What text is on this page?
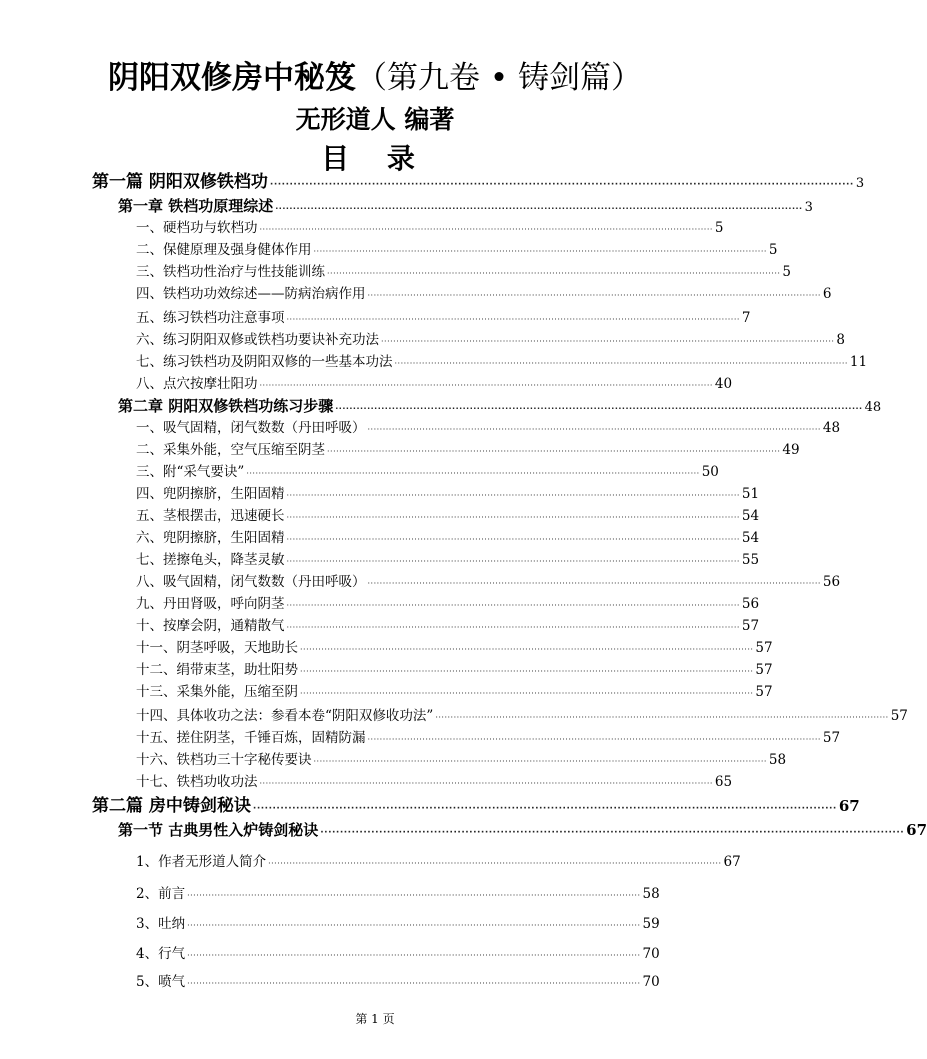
阴阳双修房中秘笈（第九卷 • 铸剑篇）
无形道人 编著
目 录
第一篇 阴阳双修铁档功 ····················································································································································· 3
第一章 铁档功原理综述 ····················································································································································· 3
一、硬档功与软档功 ····················································································································································· 5
二、保健原理及强身健体作用 ····················································································································································· 5
三、铁档功性治疗与性技能训练 ····················································································································································· 5
四、铁档功功效综述——防病治病作用 ····················································································································································· 6
五、练习铁档功注意事项 ····················································································································································· 7
六、练习阴阳双修或铁档功要诀补充功法 ····················································································································································· 8
七、练习铁档功及阴阳双修的一些基本功法 ····················································································································································· 11
八、点穴按摩壮阳功 ····················································································································································· 40
第二章 阴阳双修铁档功练习步骤 ····················································································································································· 48
一、吸气固精，闭气数数（丹田呼吸） ····················································································································································· 48
二、采集外能，空气压缩至阴茎 ····················································································································································· 49
三、附“采气要诀” ····················································································································································· 50
四、兜阴擦脐，生阳固精 ····················································································································································· 51
五、茎根摆击，迅速硬长 ····················································································································································· 54
六、兜阴擦脐，生阳固精 ····················································································································································· 54
七、搓擦龟头，降茎灵敏 ····················································································································································· 55
八、吸气固精，闭气数数（丹田呼吸） ····················································································································································· 56
九、丹田肾吸，呼向阴茎 ····················································································································································· 56
十、按摩会阴，通精散气 ····················································································································································· 57
十一、阴茎呼吸，天地助长 ····················································································································································· 57
十二、绢带束茎，助壮阳势 ····················································································································································· 57
十三、采集外能，压缩至阴 ····················································································································································· 57
十四、具体收功之法：参看本卷“阴阳双修收功法” ····················································································································································· 57
十五、搓住阴茎，千锤百炼，固精防漏 ····················································································································································· 57
十六、铁档功三十字秘传要诀 ····················································································································································· 58
十七、铁档功收功法 ····················································································································································· 65
第二篇 房中铸剑秘诀 ····················································································································································· 67
第一节 古典男性入炉铸剑秘诀 ····················································································································································· 67
1、作者无形道人简介 ····················································································································································· 67
2、前言 ····················································································································································· 58
3、吐纳 ····················································································································································· 59
4、行气 ····················································································································································· 70
5、喷气 ····················································································································································· 70
第 1 页
